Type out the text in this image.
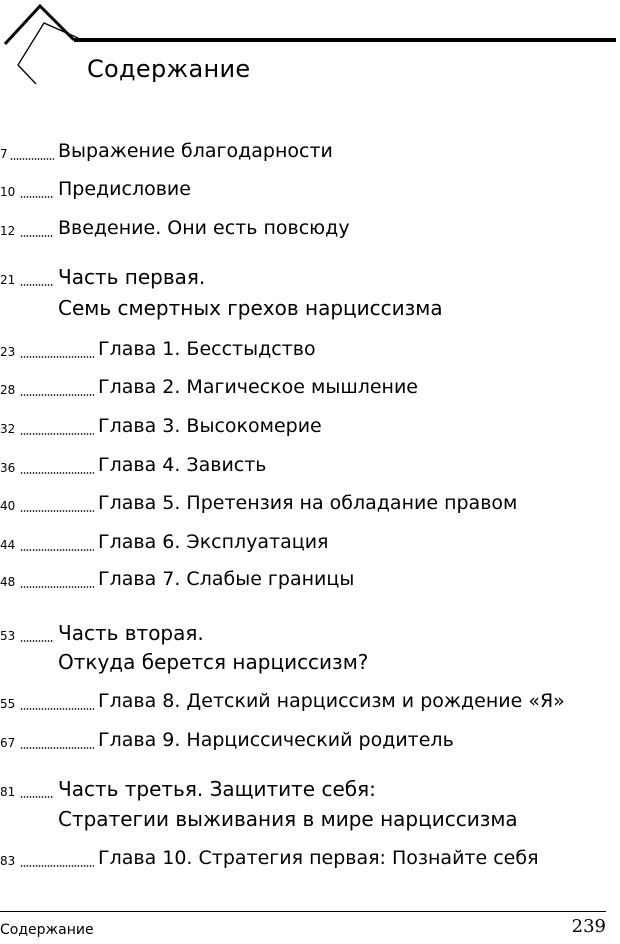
Содержание
7	Выражение благодарности
10 Предисловие
12 Введение. Они есть повсюду
21 Часть первая.
Семь смертных грехов нарциссизма
23	Глава 1. Бесстыдство
28	Глава 2. Магическое мышление
32	Глава 3. Высокомерие
36	Глава 4. Зависть
40	Глава 5. Претензия на обладание правом
44	Глава 6. Эксплуатация
48	Глава 7. Слабые границы
53 Часть вторая.
Откуда берется нарциссизм?
55	Глава 8. Детский нарциссизм и рождение «Я»
67	Глава 9. Нарциссический родитель
81 Часть третья. Защитите себя:
Стратегии выживания в мире нарциссизма
83	Глава 10. Стратегия первая: Познайте себя
Содержание	239
